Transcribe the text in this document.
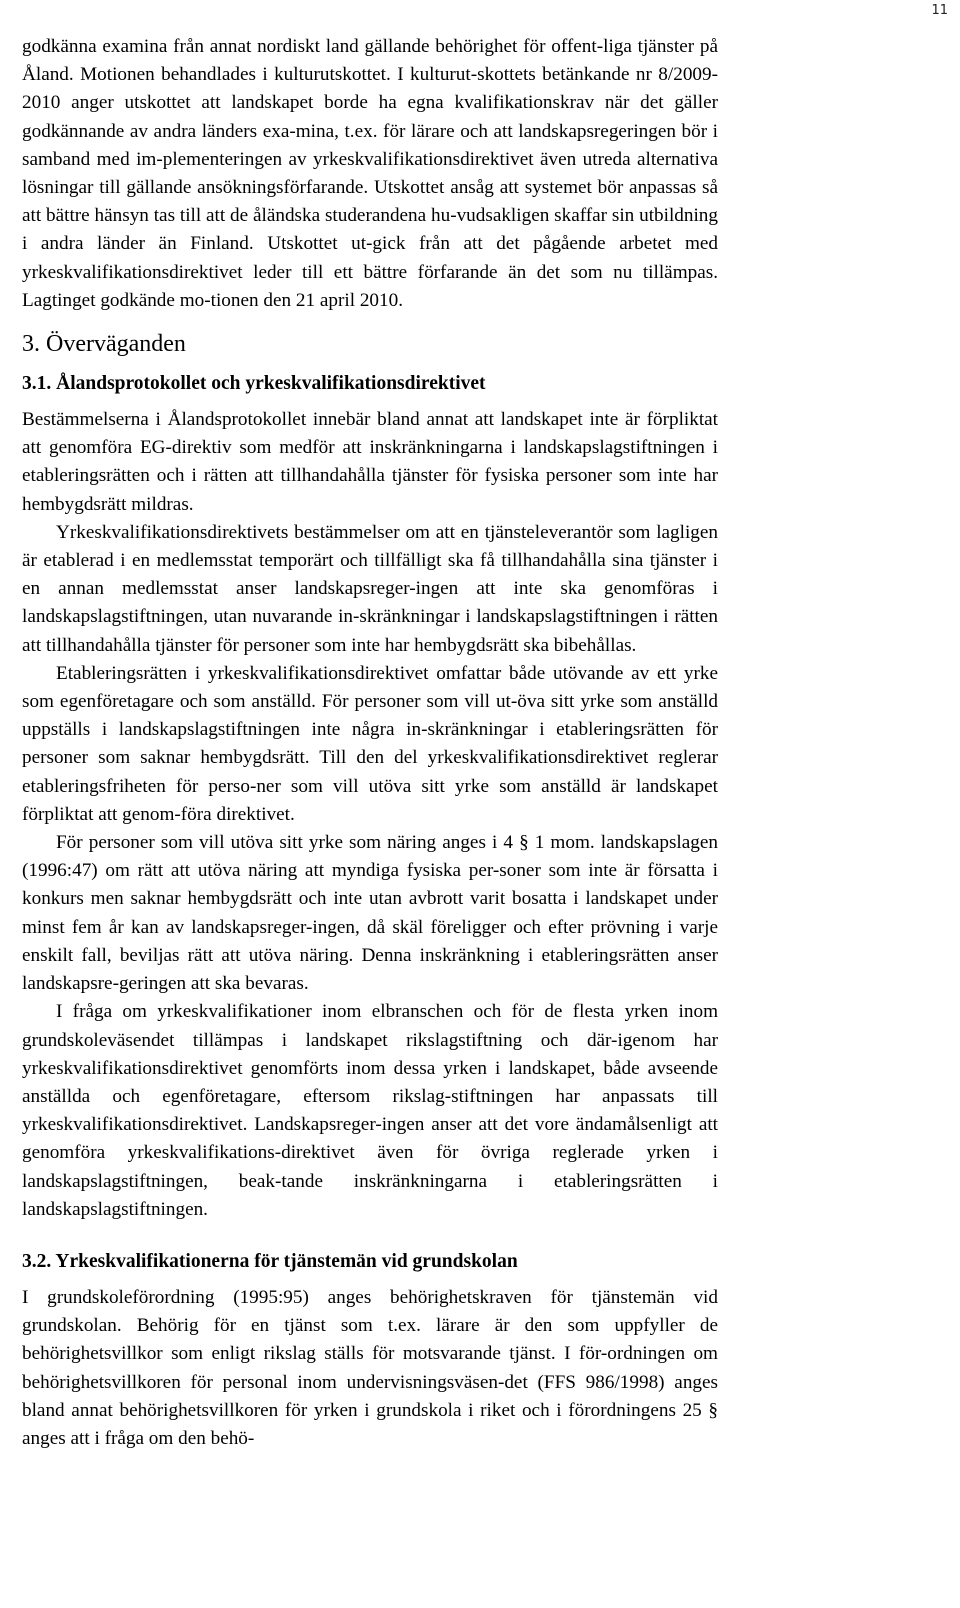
11

godkänna examina från annat nordiskt land gällande behörighet för offent-liga tjänster på Åland. Motionen behandlades i kulturutskottet. I kulturut-skottets betänkande nr 8/2009-2010 anger utskottet att landskapet borde ha egna kvalifikationskrav när det gäller godkännande av andra länders exa-mina, t.ex. för lärare och att landskapsregeringen bör i samband med im-plementeringen av yrkeskvalifikationsdirektivet även utreda alternativa lösningar till gällande ansökningsförfarande. Utskottet ansåg att systemet bör anpassas så att bättre hänsyn tas till att de åländska studerandena hu-vudsakligen skaffar sin utbildning i andra länder än Finland. Utskottet ut-gick från att det pågående arbetet med yrkeskvalifikationsdirektivet leder till ett bättre förfarande än det som nu tillämpas. Lagtinget godkände mo-tionen den 21 april 2010.

3. Överväganden
3.1. Ålandsprotokollet och yrkeskvalifikationsdirektivet

Bestämmelserna i Ålandsprotokollet innebär bland annat att landskapet inte är förpliktat att genomföra EG-direktiv som medför att inskränkningarna i landskapslagstiftningen i etableringsrätten och i rätten att tillhandahålla tjänster för fysiska personer som inte har hembygdsrätt mildras.

Yrkeskvalifikationsdirektivets bestämmelser om att en tjänsteleverantör som lagligen är etablerad i en medlemsstat temporärt och tillfälligt ska få tillhandahålla sina tjänster i en annan medlemsstat anser landskapsreger-ingen att inte ska genomföras i landskapslagstiftningen, utan nuvarande in-skränkningar i landskapslagstiftningen i rätten att tillhandahålla tjänster för personer som inte har hembygdsrätt ska bibehållas.

Etableringsrätten i yrkeskvalifikationsdirektivet omfattar både utövande av ett yrke som egenföretagare och som anställd. För personer som vill ut-öva sitt yrke som anställd uppställs i landskapslagstiftningen inte några in-skränkningar i etableringsrätten för personer som saknar hembygdsrätt. Till den del yrkeskvalifikationsdirektivet reglerar etableringsfriheten för perso-ner som vill utöva sitt yrke som anställd är landskapet förpliktat att genom-föra direktivet.

För personer som vill utöva sitt yrke som näring anges i 4 § 1 mom. landskapslagen (1996:47) om rätt att utöva näring att myndiga fysiska per-soner som inte är försatta i konkurs men saknar hembygdsrätt och inte utan avbrott varit bosatta i landskapet under minst fem år kan av landskapsreger-ingen, då skäl föreligger och efter prövning i varje enskilt fall, beviljas rätt att utöva näring. Denna inskränkning i etableringsrätten anser landskapsre-geringen att ska bevaras.

I fråga om yrkeskvalifikationer inom elbranschen och för de flesta yrken inom grundskoleväsendet tillämpas i landskapet rikslagstiftning och där-igenom har yrkeskvalifikationsdirektivet genomförts inom dessa yrken i landskapet, både avseende anställda och egenföretagare, eftersom rikslag-stiftningen har anpassats till yrkeskvalifikationsdirektivet. Landskapsreger-ingen anser att det vore ändamålsenligt att genomföra yrkeskvalifikations-direktivet även för övriga reglerade yrken i landskapslagstiftningen, beak-tande inskränkningarna i etableringsrätten i landskapslagstiftningen.

3.2. Yrkeskvalifikationerna för tjänstemän vid grundskolan

I grundskoleförordning (1995:95) anges behörighetskraven för tjänstemän vid grundskolan. Behörig för en tjänst som t.ex. lärare är den som uppfyller de behörighetsvillkor som enligt rikslag ställs för motsvarande tjänst. I för-ordningen om behörighetsvillkoren för personal inom undervisningsväsen-det (FFS 986/1998) anges bland annat behörighetsvillkoren för yrken i grundskola i riket och i förordningens 25 § anges att i fråga om den behö-
